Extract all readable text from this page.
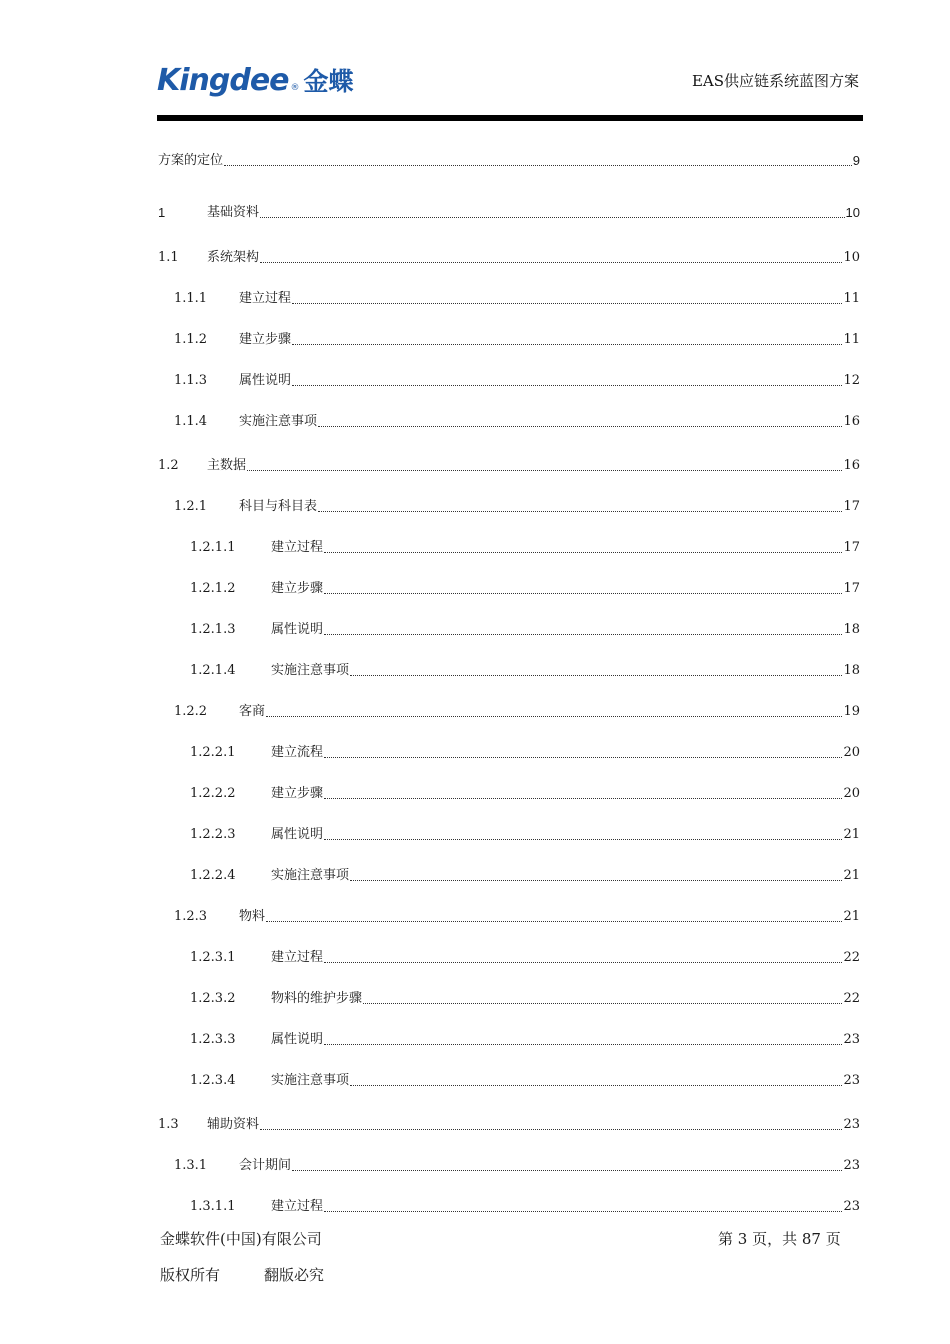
Kingdee ® 金蝶	EAS供应链系统蓝图方案
方案的定位	9
1	基础资料	10
1.1	系统架构	10
1.1.1	建立过程	11
1.1.2	建立步骤	11
1.1.3	属性说明	12
1.1.4	实施注意事项	16
1.2	主数据	16
1.2.1	科目与科目表	17
1.2.1.1	建立过程	17
1.2.1.2	建立步骤	17
1.2.1.3	属性说明	18
1.2.1.4	实施注意事项	18
1.2.2	客商	19
1.2.2.1	建立流程	20
1.2.2.2	建立步骤	20
1.2.2.3	属性说明	21
1.2.2.4	实施注意事项	21
1.2.3	物料	21
1.2.3.1	建立过程	22
1.2.3.2	物料的维护步骤	22
1.2.3.3	属性说明	23
1.2.3.4	实施注意事项	23
1.3	辅助资料	23
1.3.1	会计期间	23
1.3.1.1	建立过程	23
金蝶软件(中国)有限公司	第 3 页，共 87 页
版权所有	翻版必究
